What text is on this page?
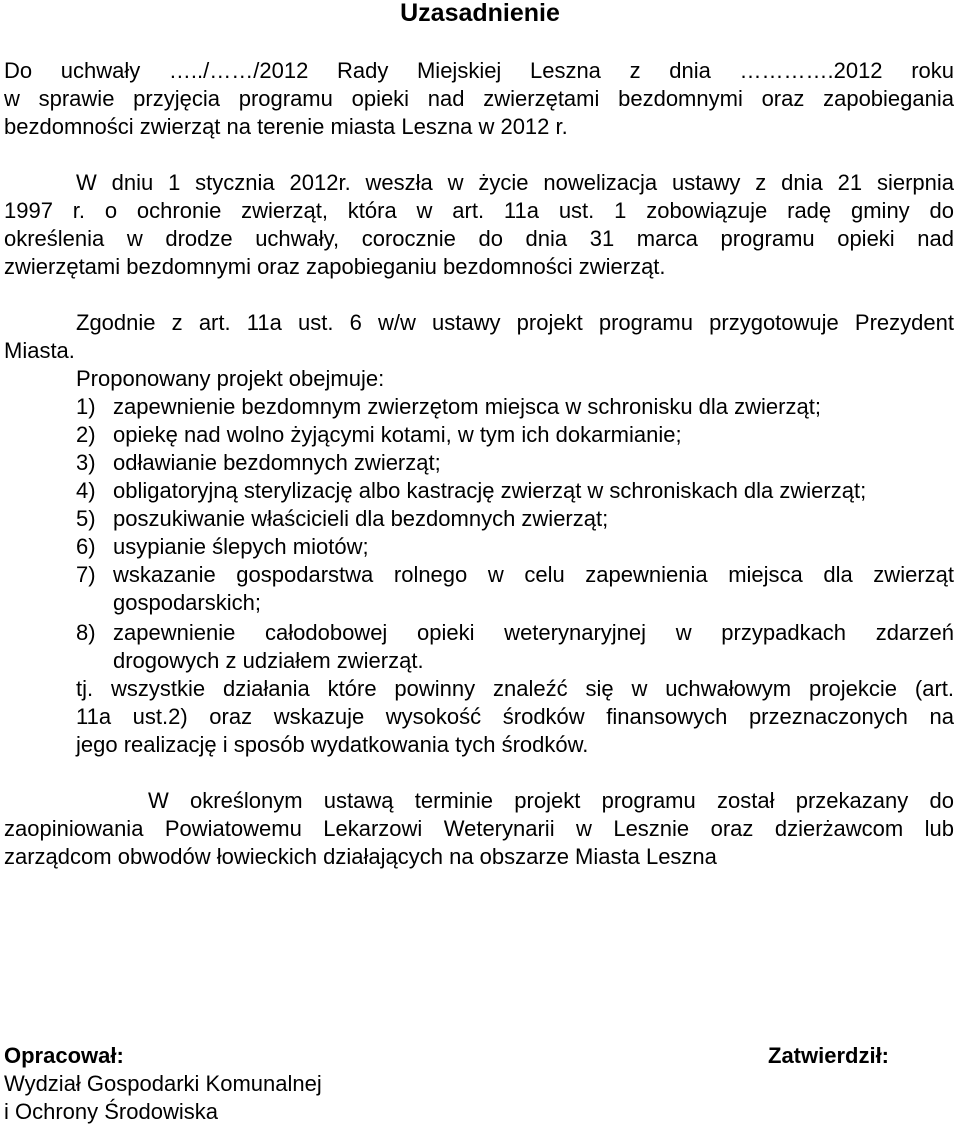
Uzasadnienie
Do uchwały …../……/2012 Rady Miejskiej Leszna z dnia ………….2012 roku
w sprawie przyjęcia programu opieki nad zwierzętami bezdomnymi oraz zapobiegania
bezdomności zwierząt na terenie miasta Leszna w 2012 r.
W dniu 1 stycznia 2012r. weszła w życie nowelizacja ustawy z dnia 21 sierpnia
1997 r. o ochronie zwierząt, która w art. 11a ust. 1 zobowiązuje radę gminy do
określenia w drodze uchwały, corocznie do dnia 31 marca programu opieki nad
zwierzętami bezdomnymi oraz zapobieganiu bezdomności zwierząt.
Zgodnie z art. 11a ust. 6 w/w ustawy projekt programu przygotowuje Prezydent
Miasta.
Proponowany projekt obejmuje:
1) zapewnienie bezdomnym zwierzętom miejsca w schronisku dla zwierząt;
2) opiekę nad wolno żyjącymi kotami, w tym ich dokarmianie;
3) odławianie bezdomnych zwierząt;
4) obligatoryjną sterylizację albo kastrację zwierząt w schroniskach dla zwierząt;
5) poszukiwanie właścicieli dla bezdomnych zwierząt;
6) usypianie ślepych miotów;
7) wskazanie gospodarstwa rolnego w celu zapewnienia miejsca dla zwierząt
gospodarskich;
8) zapewnienie całodobowej opieki weterynaryjnej w przypadkach zdarzeń
drogowych z udziałem zwierząt.
tj. wszystkie działania które powinny znaleźć się w uchwałowym projekcie (art.
11a ust.2) oraz wskazuje wysokość środków finansowych przeznaczonych na
jego realizację i sposób wydatkowania tych środków.
W określonym ustawą terminie projekt programu został przekazany do
zaopiniowania Powiatowemu Lekarzowi Weterynarii w Lesznie oraz dzierżawcom lub
zarządcom obwodów łowieckich działających na obszarze Miasta Leszna
Opracował:
Wydział Gospodarki Komunalnej
i Ochrony Środowiska
Zatwierdził:
